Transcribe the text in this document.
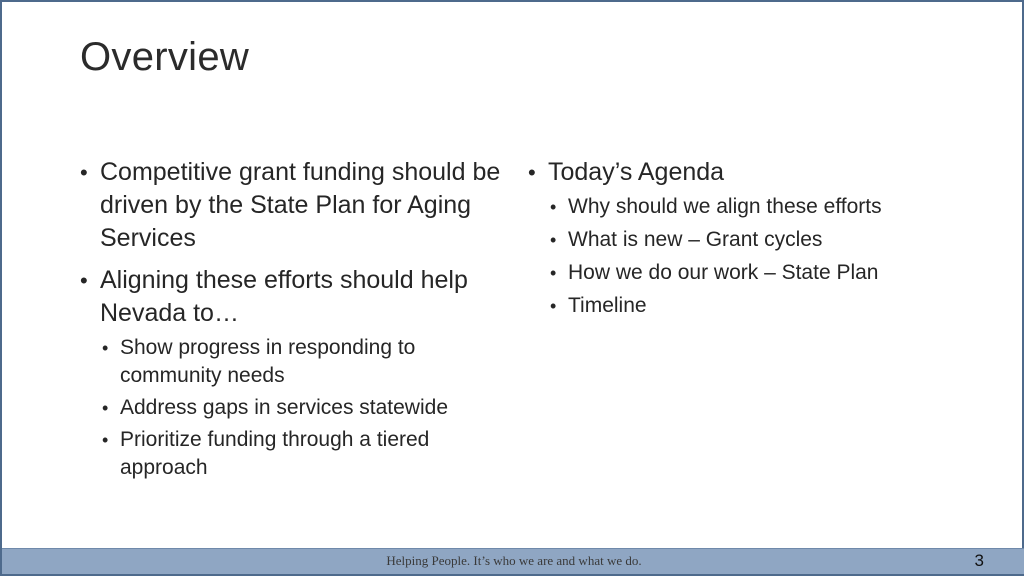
Overview
• Competitive grant funding should be driven by the State Plan for Aging Services
• Aligning these efforts should help Nevada to…
• Show progress in responding to community needs
• Address gaps in services statewide
• Prioritize funding through a tiered approach
• Today’s Agenda
• Why should we align these efforts
• What is new – Grant cycles
• How we do our work – State Plan
• Timeline
Helping People. It’s who we are and what we do.	3
